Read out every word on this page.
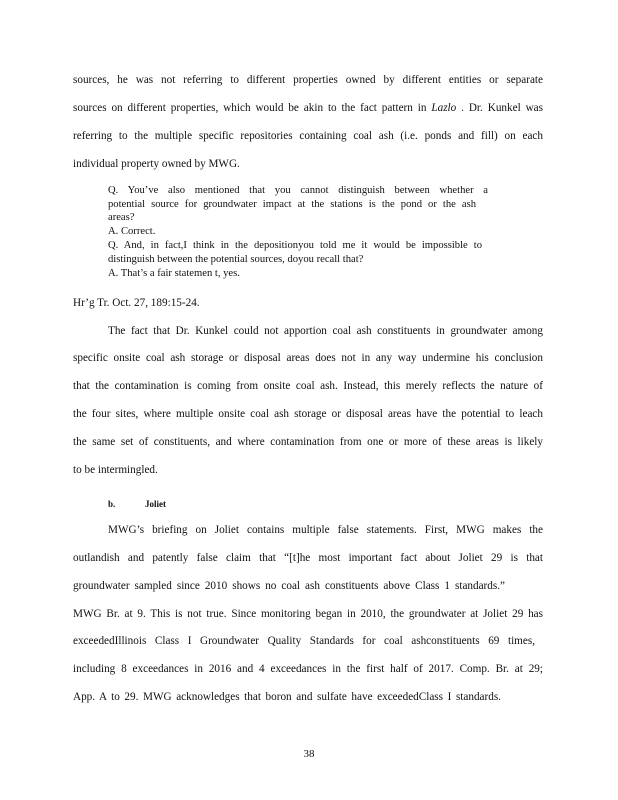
sources, he was not referring to different properties owned by different entities or separate
sources on different properties, which would be akin to the fact pattern in Lazlo . Dr. Kunkel was
referring to the multiple specific repositories containing coal ash (i.e. ponds and fill) on each
individual property owned by MWG.
Q. You’ve also mentioned that you cannot distinguish between whether a
potential source for groundwater impact at the stations is the pond or the ash
areas?
A. Correct.
Q. And, in fact,I think in the depositionyou told me it would be impossible to
distinguish between the potential sources, doyou recall that?
A. That’s a fair statemen t, yes.
Hr’g Tr. Oct. 27, 189:15-24.
The fact that Dr. Kunkel could not apportion coal ash constituents in groundwater among
specific onsite coal ash storage or disposal areas does not in any way undermine his conclusion
that the contamination is coming from onsite coal ash. Instead, this merely reflects the nature of
the four sites, where multiple onsite coal ash storage or disposal areas have the potential to leach
the same set of constituents, and where contamination from one or more of these areas is likely
to be intermingled.
b.	Joliet
MWG’s briefing on Joliet contains multiple false statements. First, MWG makes the
outlandish and patently false claim that “[t]he most important fact about Joliet 29 is that
groundwater sampled since 2010 shows no coal ash constituents above Class 1 standards.”
MWG Br. at 9. This is not true. Since monitoring began in 2010, the groundwater at Joliet 29 has
exceededIllinois Class I Groundwater Quality Standards for coal ashconstituents 69 times,
including 8 exceedances in 2016 and 4 exceedances in the first half of 2017. Comp. Br. at 29;
App. A to 29. MWG acknowledges that boron and sulfate have exceededClass I standards.
38
